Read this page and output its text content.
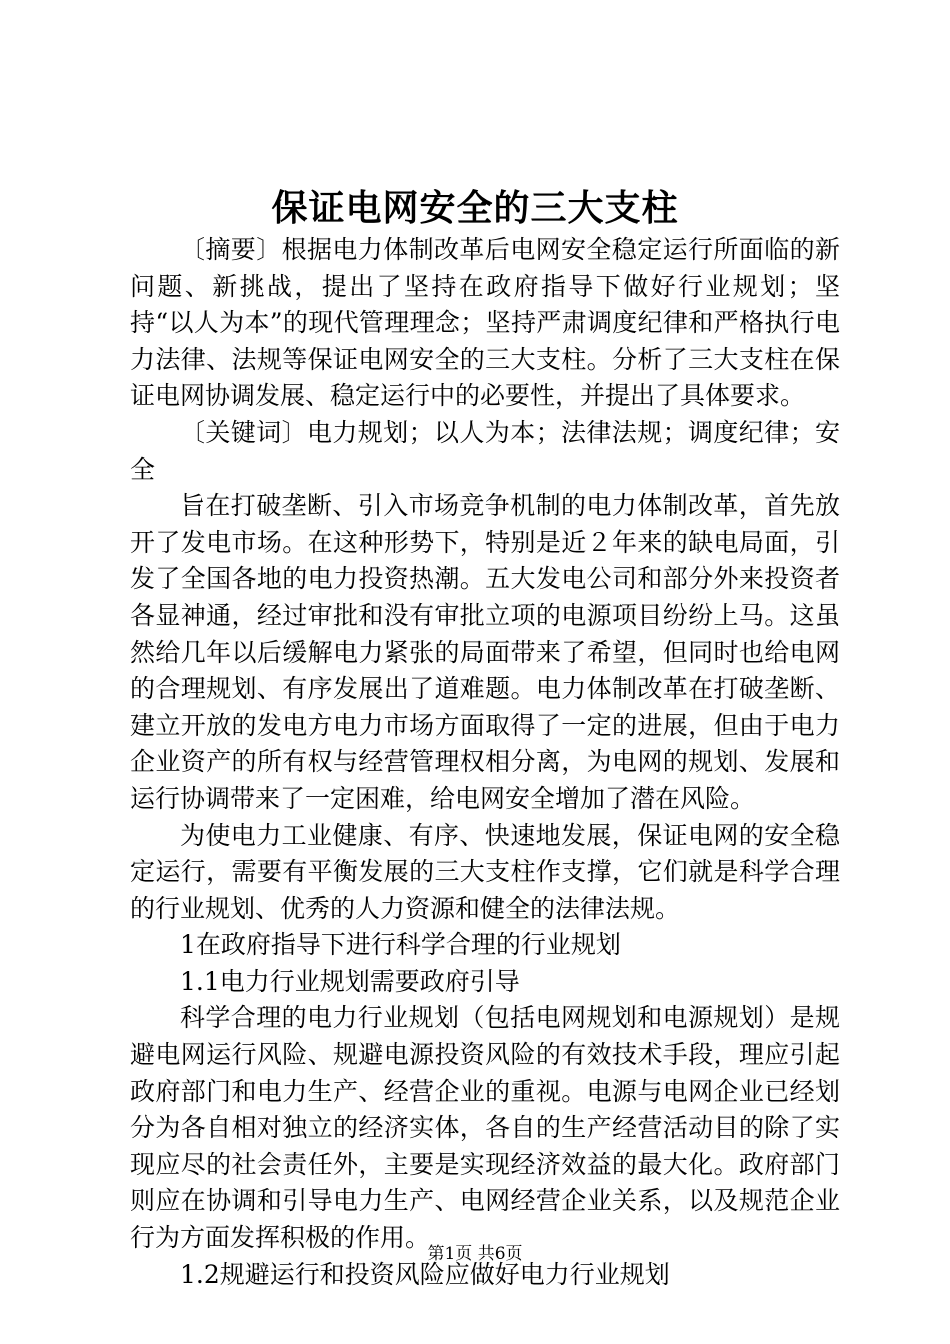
保证电网安全的三大支柱

〔摘要〕根据电力体制改革后电网安全稳定运行所面临的新问题、新挑战，提出了坚持在政府指导下做好行业规划；坚持“以人为本”的现代管理理念；坚持严肃调度纪律和严格执行电力法律、法规等保证电网安全的三大支柱。分析了三大支柱在保证电网协调发展、稳定运行中的必要性，并提出了具体要求。

〔关键词〕电力规划；以人为本；法律法规；调度纪律；安全

旨在打破垄断、引入市场竞争机制的电力体制改革，首先放开了发电市场。在这种形势下，特别是近２年来的缺电局面，引发了全国各地的电力投资热潮。五大发电公司和部分外来投资者各显神通，经过审批和没有审批立项的电源项目纷纷上马。这虽然给几年以后缓解电力紧张的局面带来了希望，但同时也给电网的合理规划、有序发展出了道难题。电力体制改革在打破垄断、建立开放的发电方电力市场方面取得了一定的进展，但由于电力企业资产的所有权与经营管理权相分离，为电网的规划、发展和运行协调带来了一定困难，给电网安全增加了潜在风险。

为使电力工业健康、有序、快速地发展，保证电网的安全稳定运行，需要有平衡发展的三大支柱作支撑，它们就是科学合理的行业规划、优秀的人力资源和健全的法律法规。

1在政府指导下进行科学合理的行业规划

1.1电力行业规划需要政府引导

科学合理的电力行业规划（包括电网规划和电源规划）是规避电网运行风险、规避电源投资风险的有效技术手段，理应引起政府部门和电力生产、经营企业的重视。电源与电网企业已经划分为各自相对独立的经济实体，各自的生产经营活动目的除了实现应尽的社会责任外，主要是实现经济效益的最大化。政府部门则应在协调和引导电力生产、电网经营企业关系，以及规范企业行为方面发挥积极的作用。

1.2规避运行和投资风险应做好电力行业规划

第1页 共6页
